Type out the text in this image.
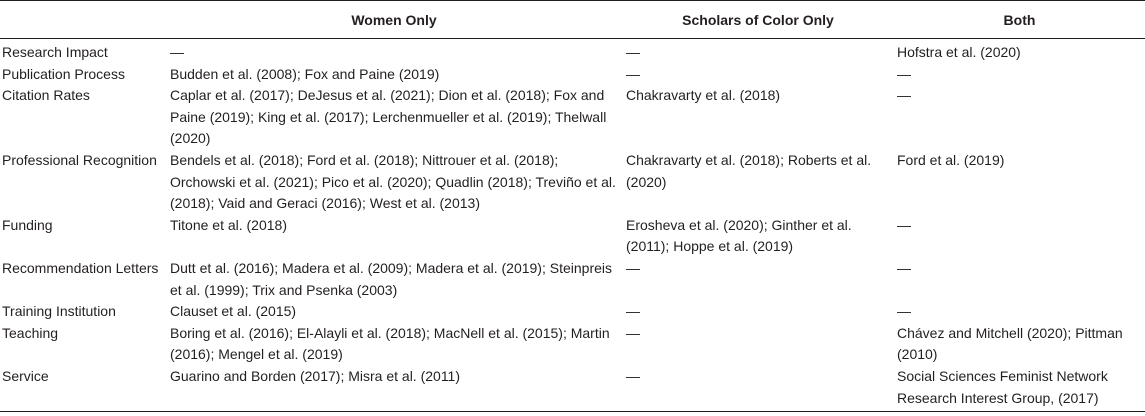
	Women Only	Scholars of Color Only	Both
Research Impact	—	—	Hofstra et al. (2020)
Publication Process	Budden et al. (2008); Fox and Paine (2019)	—	—
Citation Rates	Caplar et al. (2017); DeJesus et al. (2021); Dion et al. (2018); Fox and Paine (2019); King et al. (2017); Lerchenmueller et al. (2019); Thelwall (2020)	Chakravarty et al. (2018)	—
Professional Recognition	Bendels et al. (2018); Ford et al. (2018); Nittrouer et al. (2018); Orchowski et al. (2021); Pico et al. (2020); Quadlin (2018); Treviño et al. (2018); Vaid and Geraci (2016); West et al. (2013)	Chakravarty et al. (2018); Roberts et al. (2020)	Ford et al. (2019)
Funding	Titone et al. (2018)	Erosheva et al. (2020); Ginther et al. (2011); Hoppe et al. (2019)	—
Recommendation Letters	Dutt et al. (2016); Madera et al. (2009); Madera et al. (2019); Steinpreis et al. (1999); Trix and Psenka (2003)	—	—
Training Institution	Clauset et al. (2015)	—	—
Teaching	Boring et al. (2016); El-Alayli et al. (2018); MacNell et al. (2015); Martin (2016); Mengel et al. (2019)	—	Chávez and Mitchell (2020); Pittman (2010)
Service	Guarino and Borden (2017); Misra et al. (2011)	—	Social Sciences Feminist Network Research Interest Group, (2017)
